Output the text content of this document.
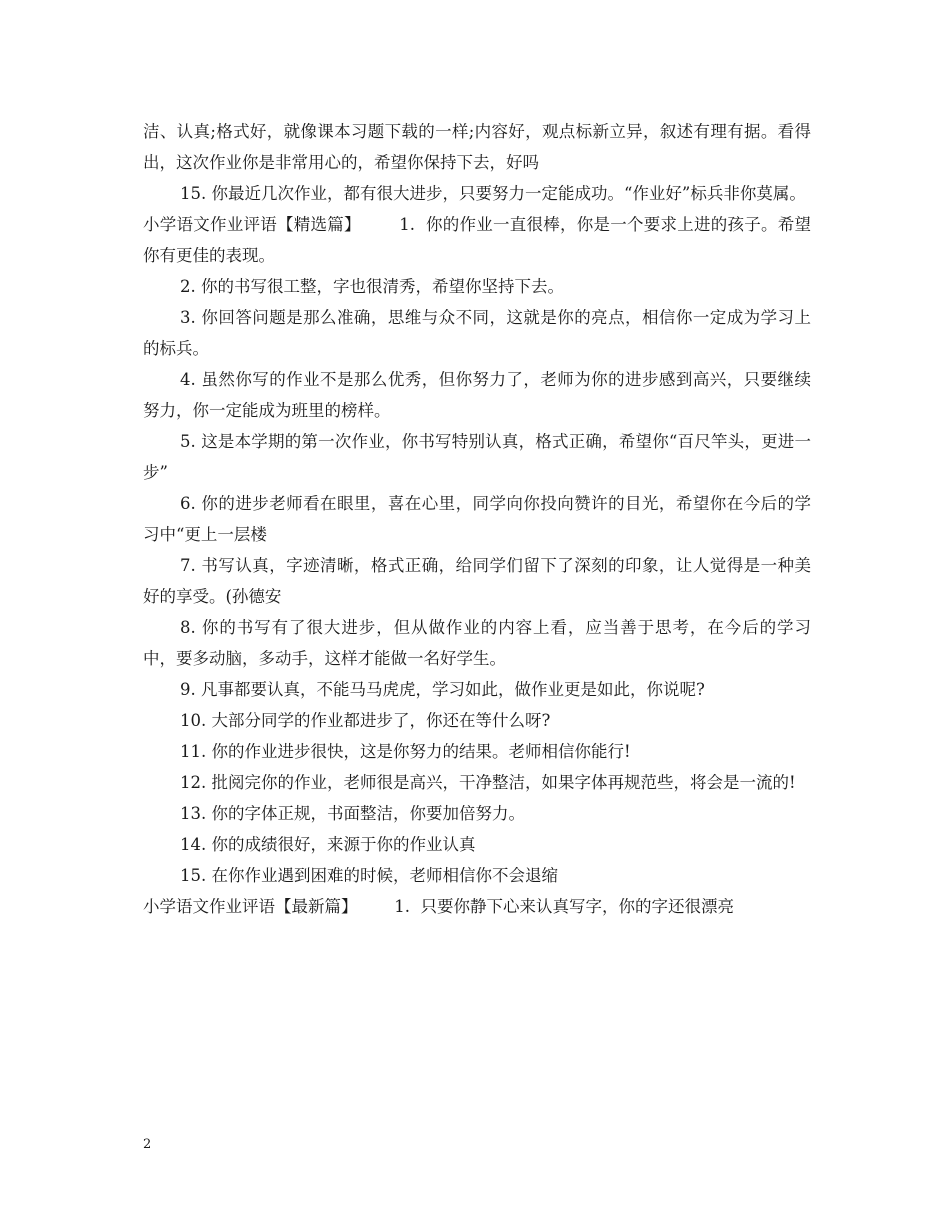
洁、认真;格式好，就像课本习题下载的一样;内容好，观点标新立异，叙述有理有据。看得出，这次作业你是非常用心的，希望你保持下去，好吗

15. 你最近几次作业，都有很大进步，只要努力一定能成功。“作业好”标兵非你莫属。

小学语文作业评语【精选篇】       1.  你的作业一直很棒，你是一个要求上进的孩子。希望你有更佳的表现。

2. 你的书写很工整，字也很清秀，希望你坚持下去。

3. 你回答问题是那么准确，思维与众不同，这就是你的亮点，相信你一定成为学习上的标兵。

4. 虽然你写的作业不是那么优秀，但你努力了，老师为你的进步感到高兴，只要继续努力，你一定能成为班里的榜样。

5. 这是本学期的第一次作业，你书写特别认真，格式正确，希望你“百尺竿头，更进一步”

6. 你的进步老师看在眼里，喜在心里，同学向你投向赞许的目光，希望你在今后的学习中“更上一层楼

7. 书写认真，字迹清晰，格式正确，给同学们留下了深刻的印象，让人觉得是一种美好的享受。(孙德安

8. 你的书写有了很大进步，但从做作业的内容上看，应当善于思考，在今后的学习中，要多动脑，多动手，这样才能做一名好学生。

9. 凡事都要认真，不能马马虎虎，学习如此，做作业更是如此，你说呢?

10. 大部分同学的作业都进步了，你还在等什么呀?

11. 你的作业进步很快，这是你努力的结果。老师相信你能行!

12. 批阅完你的作业，老师很是高兴，干净整洁，如果字体再规范些，将会是一流的!

13. 你的字体正规，书面整洁，你要加倍努力。

14. 你的成绩很好，来源于你的作业认真

15. 在你作业遇到困难的时候，老师相信你不会退缩

小学语文作业评语【最新篇】       1.  只要你静下心来认真写字，你的字还很漂亮

2
